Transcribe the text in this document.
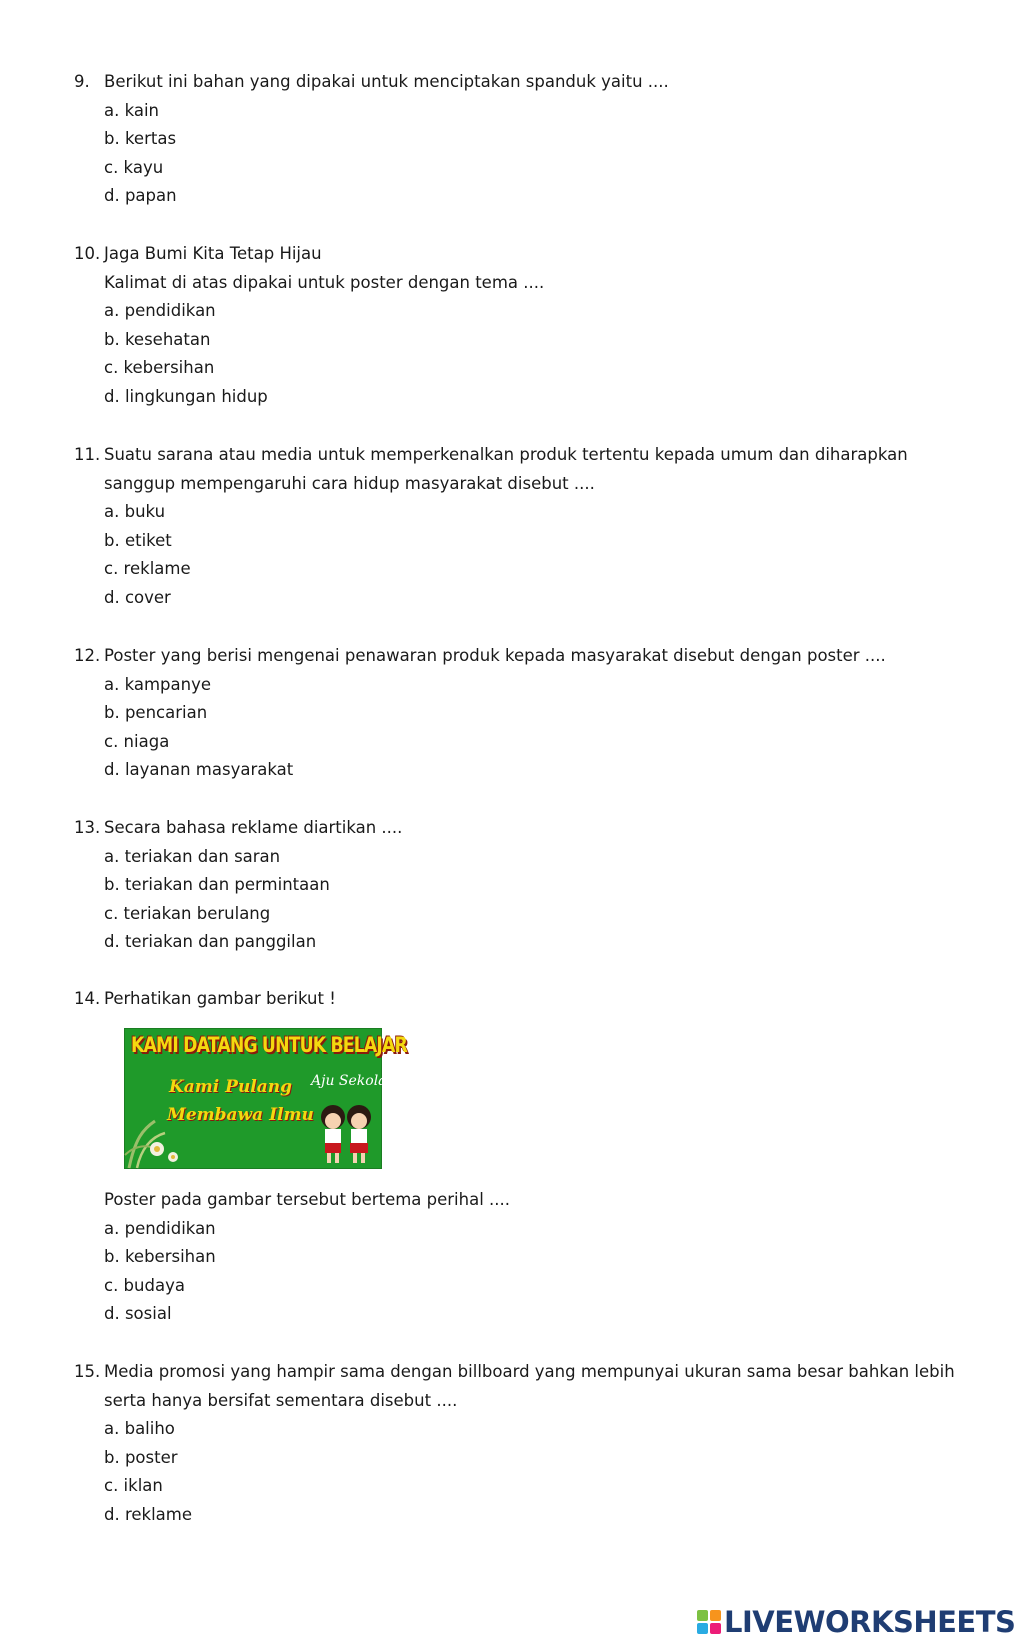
9. Berikut ini bahan yang dipakai untuk menciptakan spanduk yaitu ....
a. kain
b. kertas
c. kayu
d. papan
10. Jaga Bumi Kita Tetap Hijau
Kalimat di atas dipakai untuk poster dengan tema ....
a. pendidikan
b. kesehatan
c. kebersihan
d. lingkungan hidup
11. Suatu sarana atau media untuk memperkenalkan produk tertentu kepada umum dan diharapkan
sanggup mempengaruhi cara hidup masyarakat disebut ....
a. buku
b. etiket
c. reklame
d. cover
12. Poster yang berisi mengenai penawaran produk kepada masyarakat disebut dengan poster ....
a. kampanye
b. pencarian
c. niaga
d. layanan masyarakat
13. Secara bahasa reklame diartikan ....
a. teriakan dan saran
b. teriakan dan permintaan
c. teriakan berulang
d. teriakan dan panggilan
14. Perhatikan gambar berikut !
KAMI DATANG UNTUK BELAJAR
Kami Pulang
Membawa Ilmu
Aju Sekolah
Poster pada gambar tersebut bertema perihal ....
a. pendidikan
b. kebersihan
c. budaya
d. sosial
15. Media promosi yang hampir sama dengan billboard yang mempunyai ukuran sama besar bahkan lebih
serta hanya bersifat sementara disebut ....
a. baliho
b. poster
c. iklan
d. reklame
LIVEWORKSHEETS
